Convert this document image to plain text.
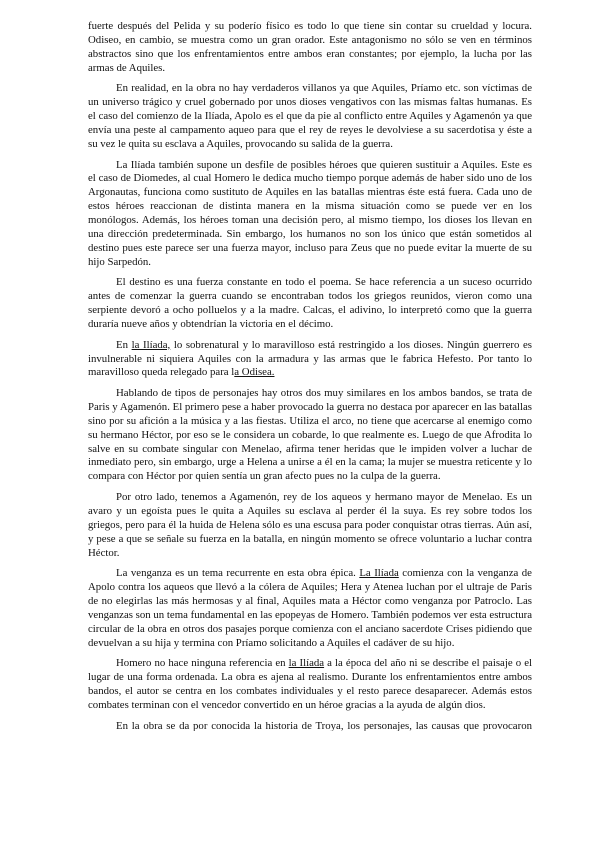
fuerte después del Pelida y su poderío físico es todo lo que tiene sin contar su crueldad y locura. Odiseo, en cambio, se muestra como un gran orador. Este antagonismo no sólo se ven en términos abstractos sino que los enfrentamientos entre ambos eran constantes; por ejemplo, la lucha por las armas de Aquiles.

En realidad, en la obra no hay verdaderos villanos ya que Aquiles, Príamo etc. son víctimas de un universo trágico y cruel gobernado por unos dioses vengativos con las mismas faltas humanas. Es el caso del comienzo de la Ilíada, Apolo es el que da pie al conflicto entre Aquiles y Agamenón ya que envía una peste al campamento aqueo para que el rey de reyes le devolviese a su sacerdotisa y éste a su vez le quita su esclava a Aquiles, provocando su salida de la guerra.

La Ilíada también supone un desfile de posibles héroes que quieren sustituir a Aquiles. Este es el caso de Diomedes, al cual Homero le dedica mucho tiempo porque además de haber sido uno de los Argonautas, funciona como sustituto de Aquiles en las batallas mientras éste está fuera. Cada uno de estos héroes reaccionan de distinta manera en la misma situación como se puede ver en los monólogos. Además, los héroes toman una decisión pero, al mismo tiempo, los dioses los llevan en una dirección predeterminada. Sin embargo, los humanos no son los único que están sometidos al destino pues este parece ser una fuerza mayor, incluso para Zeus que no puede evitar la muerte de su hijo Sarpedón.

El destino es una fuerza constante en todo el poema. Se hace referencia a un suceso ocurrido antes de comenzar la guerra cuando se encontraban todos los griegos reunidos, vieron como una serpiente devoró a ocho polluelos y a la madre. Calcas, el adivino, lo interpretó como que la guerra duraría nueve años y obtendrían la victoria en el décimo.

En la Ilíada, lo sobrenatural y lo maravilloso está restringido a los dioses. Ningún guerrero es invulnerable ni siquiera Aquiles con la armadura y las armas que le fabrica Hefesto. Por tanto lo maravilloso queda relegado para la Odisea.

Hablando de tipos de personajes hay otros dos muy similares en los ambos bandos, se trata de Paris y Agamenón. El primero pese a haber provocado la guerra no destaca por aparecer en las batallas sino por su afición a la música y a las fiestas. Utiliza el arco, no tiene que acercarse al enemigo como su hermano Héctor, por eso se le considera un cobarde, lo que realmente es. Luego de que Afrodita lo salve en su combate singular con Menelao, afirma tener heridas que le impiden volver a luchar de inmediato pero, sin embargo, urge a Helena a unirse a él en la cama; la mujer se muestra reticente y lo compara con Héctor por quien sentía un gran afecto pues no la culpa de la guerra.

Por otro lado, tenemos a Agamenón, rey de los aqueos y hermano mayor de Menelao. Es un avaro y un egoísta pues le quita a Aquiles su esclava al perder él la suya. Es rey sobre todos los griegos, pero para él la huida de Helena sólo es una escusa para poder conquistar otras tierras. Aún así, y pese a que se señale su fuerza en la batalla, en ningún momento se ofrece voluntario a luchar contra Héctor.

La venganza es un tema recurrente en esta obra épica. La Ilíada comienza con la venganza de Apolo contra los aqueos que llevó a la cólera de Aquiles; Hera y Atenea luchan por el ultraje de Paris de no elegirlas las más hermosas y al final, Aquiles mata a Héctor como venganza por Patroclo. Las venganzas son un tema fundamental en las epopeyas de Homero. También podemos ver esta estructura circular de la obra en otros dos pasajes porque comienza con el anciano sacerdote Crises pidiendo que devuelvan a su hija y termina con Príamo solicitando a Aquiles el cadáver de su hijo.

Homero no hace ninguna referencia en la Ilíada a la época del año ni se describe el paisaje o el lugar de una forma ordenada. La obra es ajena al realismo. Durante los enfrentamientos entre ambos bandos, el autor se centra en los combates individuales y el resto parece desaparecer. Además estos combates terminan con el vencedor convertido en un héroe gracias a la ayuda de algún dios.

En la obra se da por conocida la historia de Troya, los personajes, las causas que provocaron
